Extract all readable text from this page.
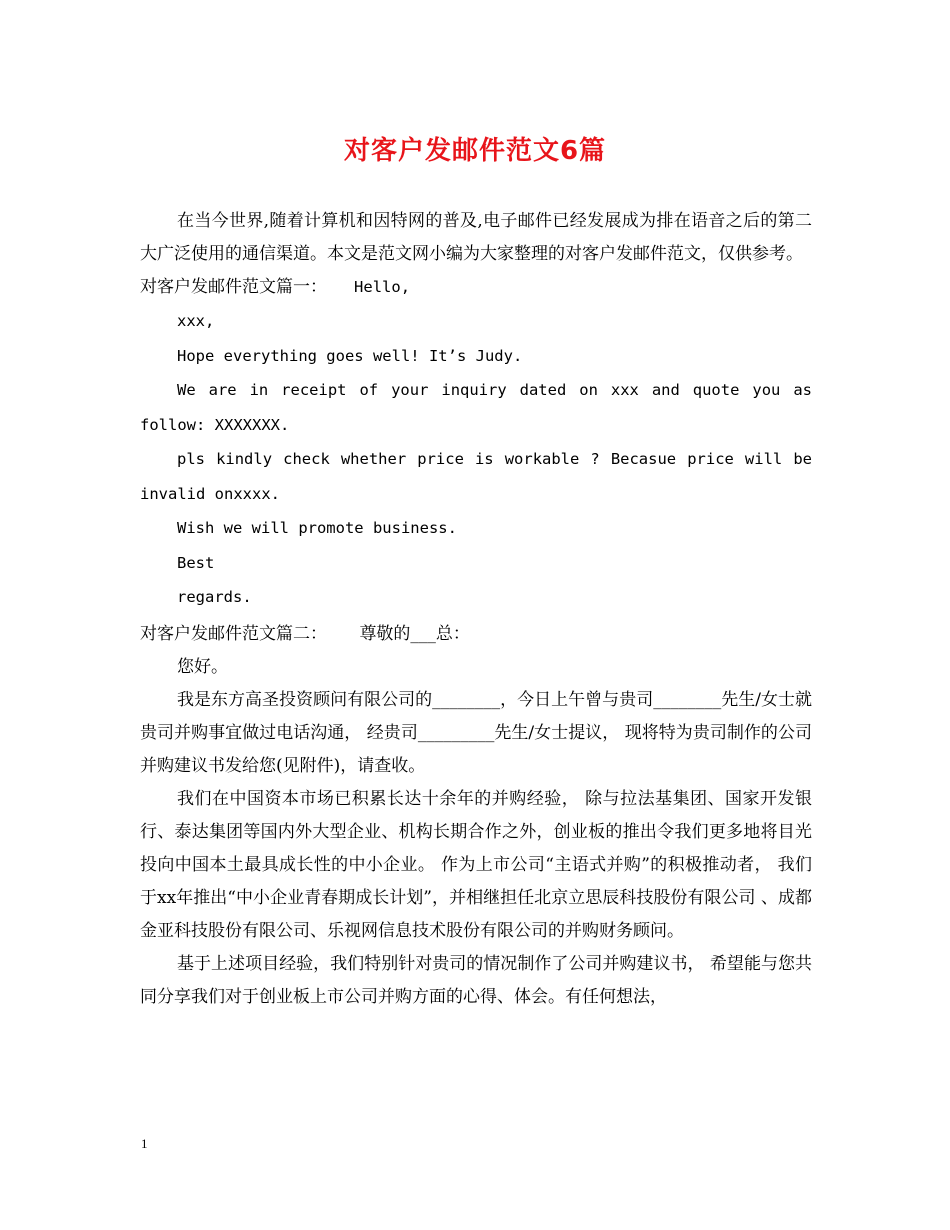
对客户发邮件范文6篇

在当今世界,随着计算机和因特网的普及,电子邮件已经发展成为排在语音之后的第二大广泛使用的通信渠道。本文是范文网小编为大家整理的对客户发邮件范文，仅供参考。

对客户发邮件范文篇一： Hello,
xxx,
Hope everything goes well! It’s Judy.
We are in receipt of your inquiry dated on xxx and quote you as follow: XXXXXXX.
pls kindly check whether price is workable ? Becasue price will be invalid onxxxx.
Wish we will promote business.
Best
regards.
对客户发邮件范文篇二： 尊敬的___总：

您好。

我是东方高圣投资顾问有限公司的________，今日上午曾与贵司________先生/女士就贵司并购事宜做过电话沟通， 经贵司_________先生/女士提议， 现将特为贵司制作的公司并购建议书发给您(见附件)，请查收。

我们在中国资本市场已积累长达十余年的并购经验， 除与拉法基集团、国家开发银行、泰达集团等国内外大型企业、机构长期合作之外，创业板的推出令我们更多地将目光投向中国本土最具成长性的中小企业。 作为上市公司“主语式并购”的积极推动者， 我们于xx年推出“中小企业青春期成长计划”，并相继担任北京立思辰科技股份有限公司 、成都金亚科技股份有限公司、乐视网信息技术股份有限公司的并购财务顾问。

基于上述项目经验，我们特别针对贵司的情况制作了公司并购建议书， 希望能与您共同分享我们对于创业板上市公司并购方面的心得、体会。有任何想法，

1
